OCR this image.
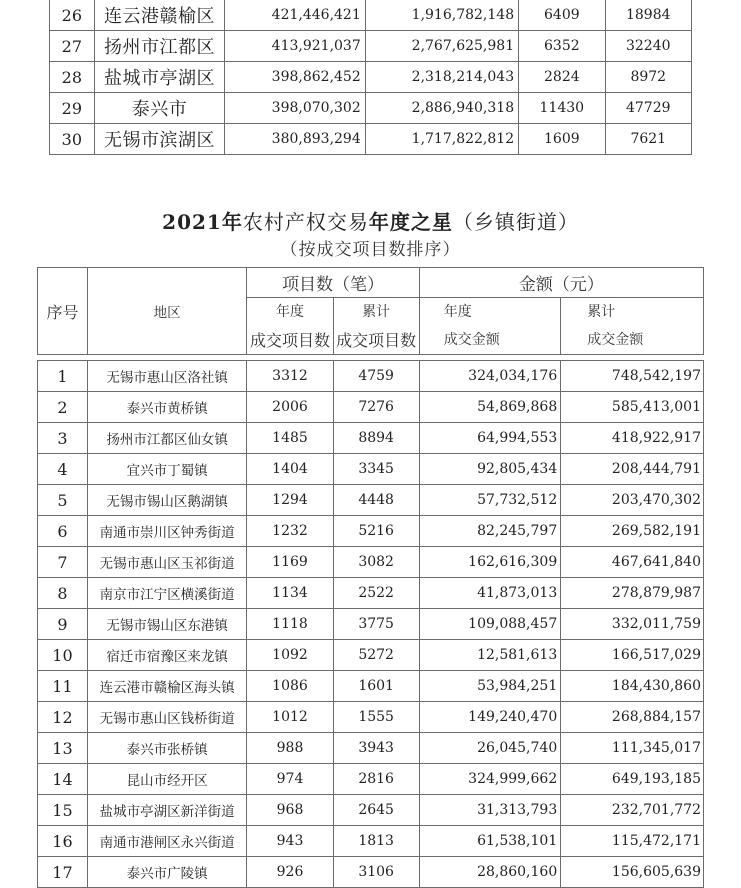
26	连云港赣榆区	421,446,421	1,916,782,148	6409	18984
27	扬州市江都区	413,921,037	2,767,625,981	6352	32240
28	盐城市亭湖区	398,862,452	2,318,214,043	2824	8972
29	泰兴市	398,070,302	2,886,940,318	11430	47729
30	无锡市滨湖区	380,893,294	1,717,822,812	1609	7621
2021年农村产权交易年度之星（乡镇街道）
（按成交项目数排序）
序号	地区	项目数（笔）		金额（元）	
		年度	累计	年度	累计
		成交项目数	成交项目数	成交金额	成交金额

1	无锡市惠山区洛社镇	3312	4759	324,034,176	748,542,197
2	泰兴市黄桥镇	2006	7276	54,869,868	585,413,001
3	扬州市江都区仙女镇	1485	8894	64,994,553	418,922,917
4	宜兴市丁蜀镇	1404	3345	92,805,434	208,444,791
5	无锡市锡山区鹅湖镇	1294	4448	57,732,512	203,470,302
6	南通市崇川区钟秀街道	1232	5216	82,245,797	269,582,191
7	无锡市惠山区玉祁街道	1169	3082	162,616,309	467,641,840
8	南京市江宁区横溪街道	1134	2522	41,873,013	278,879,987
9	无锡市锡山区东港镇	1118	3775	109,088,457	332,011,759
10	宿迁市宿豫区来龙镇	1092	5272	12,581,613	166,517,029
11	连云港市赣榆区海头镇	1086	1601	53,984,251	184,430,860
12	无锡市惠山区钱桥街道	1012	1555	149,240,470	268,884,157
13	泰兴市张桥镇	988	3943	26,045,740	111,345,017
14	昆山市经开区	974	2816	324,999,662	649,193,185
15	盐城市亭湖区新洋街道	968	2645	31,313,793	232,701,772
16	南通市港闸区永兴街道	943	1813	61,538,101	115,472,171
17	泰兴市广陵镇	926	3106	28,860,160	156,605,639
